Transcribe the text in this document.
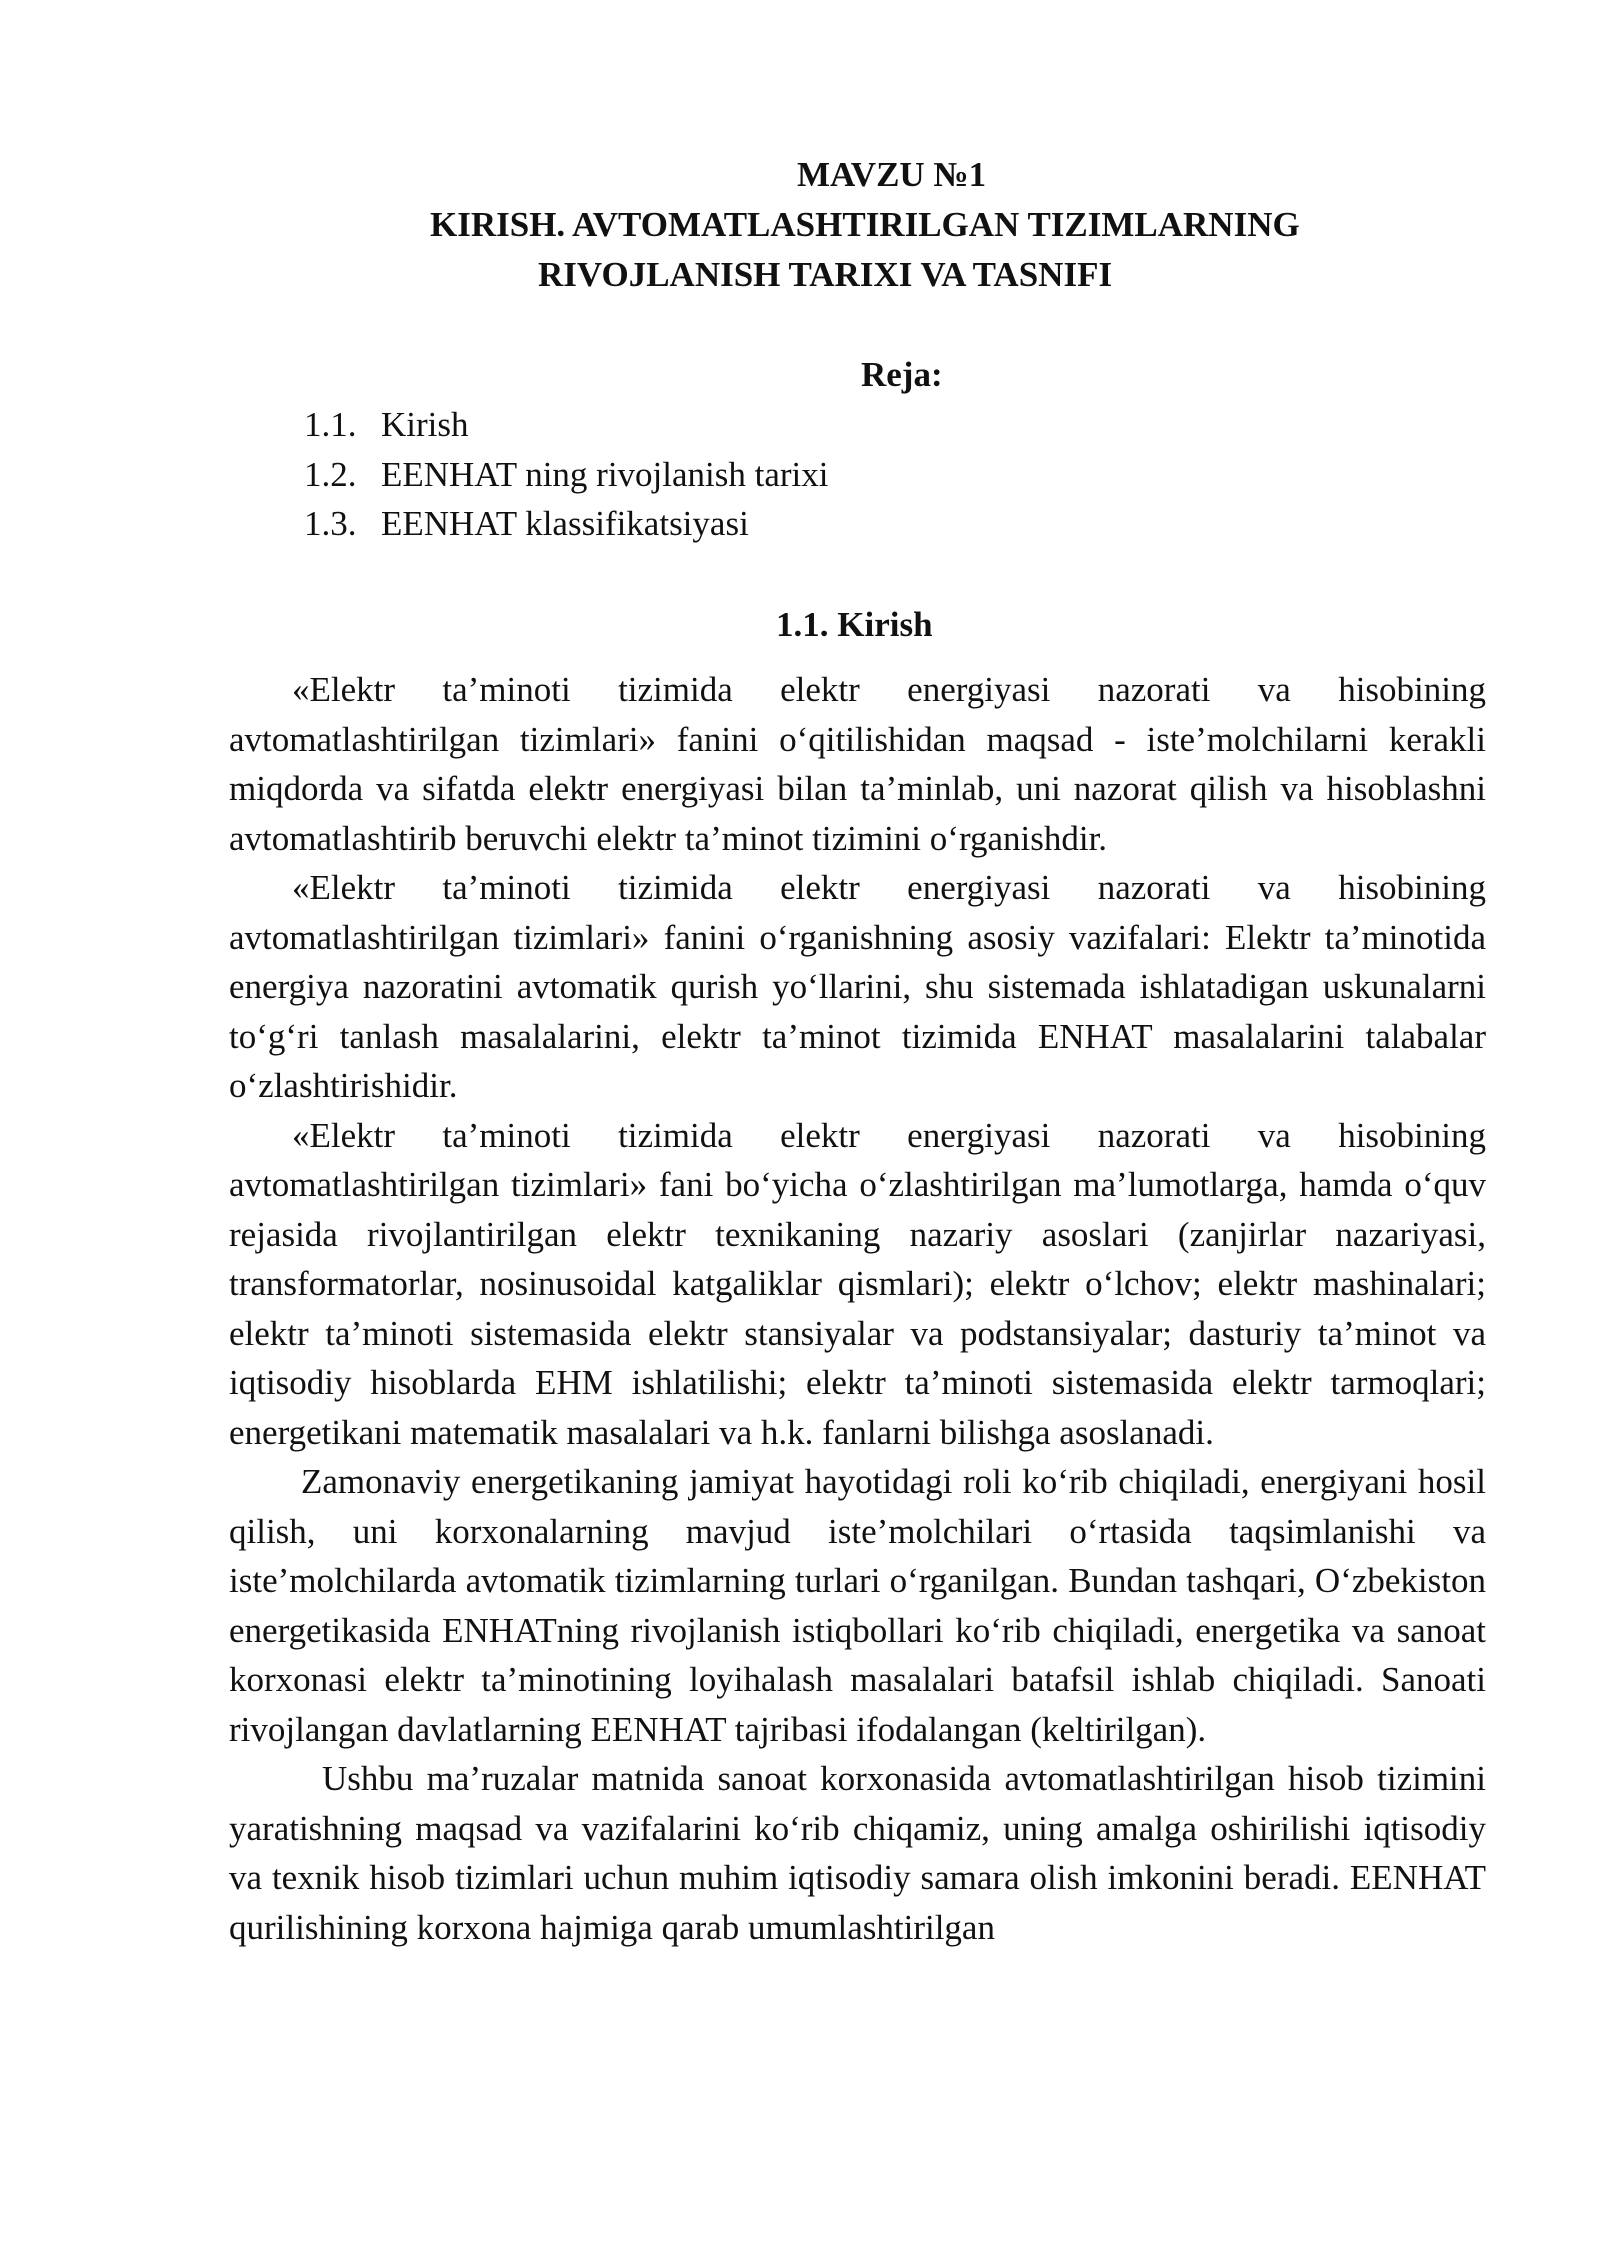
MAVZU №1
KIRISH. AVTOMATLASHTIRILGAN TIZIMLARNING
RIVOJLANISH TARIXI VA TASNIFI
Reja:
1.1. Kirish
1.2. EENHAT ning rivojlanish tarixi
1.3. EENHAT klassifikatsiyasi
1.1. Kirish

«Elektr ta’minoti tizimida elektr energiyasi nazorati va hisobining avtomatlashtirilgan tizimlari» fanini o‘qitilishidan maqsad - iste’molchilarni kerakli miqdorda va sifatda elektr energiyasi bilan ta’minlab, uni nazorat qilish va hisoblashni avtomatlashtirib beruvchi elektr ta’minot tizimini o‘rganishdir.

«Elektr ta’minoti tizimida elektr energiyasi nazorati va hisobining avtomatlashtirilgan tizimlari» fanini o‘rganishning asosiy vazifalari: Elektr ta’minotida energiya nazoratini avtomatik qurish yo‘llarini, shu sistemada ishlatadigan uskunalarni to‘g‘ri tanlash masalalarini, elektr ta’minot tizimida ENHAT masalalarini talabalar o‘zlashtirishidir.

«Elektr ta’minoti tizimida elektr energiyasi nazorati va hisobining avtomatlashtirilgan tizimlari» fani bo‘yicha o‘zlashtirilgan ma’lumotlarga, hamda o‘quv rejasida rivojlantirilgan elektr texnikaning nazariy asoslari (zanjirlar nazariyasi, transformatorlar, nosinusoidal katgaliklar qismlari); elektr o‘lchov; elektr mashinalari; elektr ta’minoti sistemasida elektr stansiyalar va podstansiyalar; dasturiy ta’minot va iqtisodiy hisoblarda EHM ishlatilishi; elektr ta’minoti sistemasida elektr tarmoqlari; energetikani matematik masalalari va h.k. fanlarni bilishga asoslanadi.

Zamonaviy energetikaning jamiyat hayotidagi roli ko‘rib chiqiladi, energiyani hosil qilish, uni korxonalarning mavjud iste’molchilari o‘rtasida taqsimlanishi va iste’molchilarda avtomatik tizimlarning turlari o‘rganilgan. Bundan tashqari, O‘zbekiston energetikasida ENHATning rivojlanish istiqbollari ko‘rib chiqiladi, energetika va sanoat korxonasi elektr ta’minotining loyihalash masalalari batafsil ishlab chiqiladi. Sanoati rivojlangan davlatlarning EENHAT tajribasi ifodalangan (keltirilgan).

Ushbu ma’ruzalar matnida sanoat korxonasida avtomatlashtirilgan hisob tizimini yaratishning maqsad va vazifalarini ko‘rib chiqamiz, uning amalga oshirilishi iqtisodiy va texnik hisob tizimlari uchun muhim iqtisodiy samara olish imkonini beradi. EENHAT qurilishining korxona hajmiga qarab umumlashtirilgan
